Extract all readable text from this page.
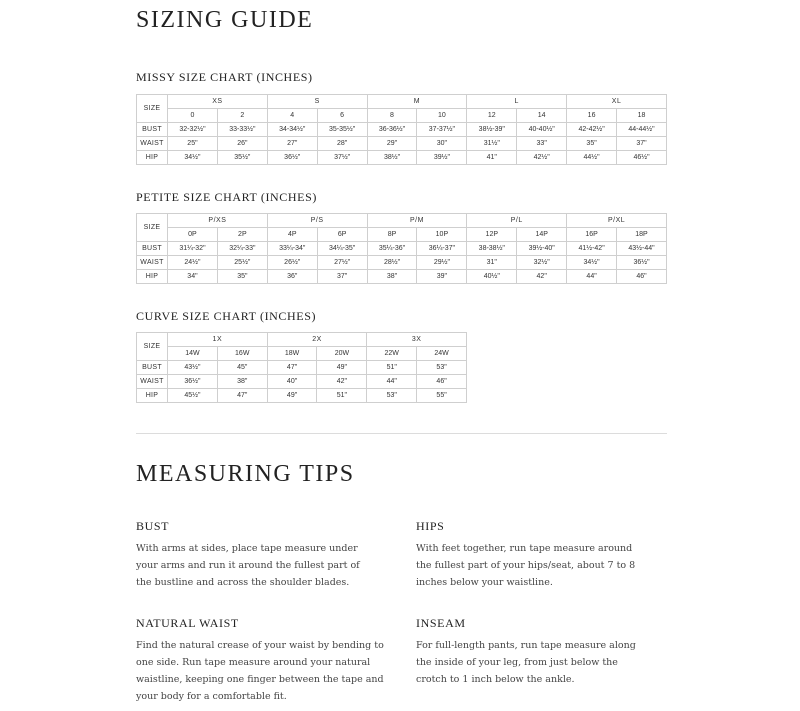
SIZING GUIDE
MISSY SIZE CHART (INCHES)
SIZE	XS		S		M		L		XL	
	0	2	4	6	8	10	12	14	16	18
BUST	32-32½"	33-33½"	34-34½"	35-35½"	36-36½"	37-37½"	38½-39"	40-40½"	42-42½"	44-44½"
WAIST	25"	26"	27"	28"	29"	30"	31½"	33"	35"	37"
HIP	34½"	35½"	36½"	37½"	38½"	39½"	41"	42½"	44½"	46½"
PETITE SIZE CHART (INCHES)
SIZE	P/XS		P/S		P/M		P/L		P/XL	
	0P	2P	4P	6P	8P	10P	12P	14P	16P	18P
BUST	31¼-32"	32¼-33"	33¼-34"	34¼-35"	35¼-36"	36¼-37"	38-38½"	39½-40"	41½-42"	43½-44"
WAIST	24½"	25½"	26½"	27½"	28½"	29½"	31"	32½"	34½"	36½"
HIP	34"	35"	36"	37"	38"	39"	40½"	42"	44"	46"
CURVE SIZE CHART (INCHES)
SIZE	1X		2X		3X	
	14W	16W	18W	20W	22W	24W
BUST	43½"	45"	47"	49"	51"	53"
WAIST	36½"	38"	40"	42"	44"	46"
HIP	45½"	47"	49"	51"	53"	55"
MEASURING TIPS
BUST

With arms at sides, place tape measure under your arms and run it around the fullest part of the bustline and across the shoulder blades.

HIPS

With feet together, run tape measure around the fullest part of your hips/seat, about 7 to 8 inches below your waistline.

NATURAL WAIST

Find the natural crease of your waist by bending to one side. Run tape measure around your natural waistline, keeping one finger between the tape and your body for a comfortable fit.

INSEAM

For full-length pants, run tape measure along the inside of your leg, from just below the crotch to 1 inch below the ankle.
